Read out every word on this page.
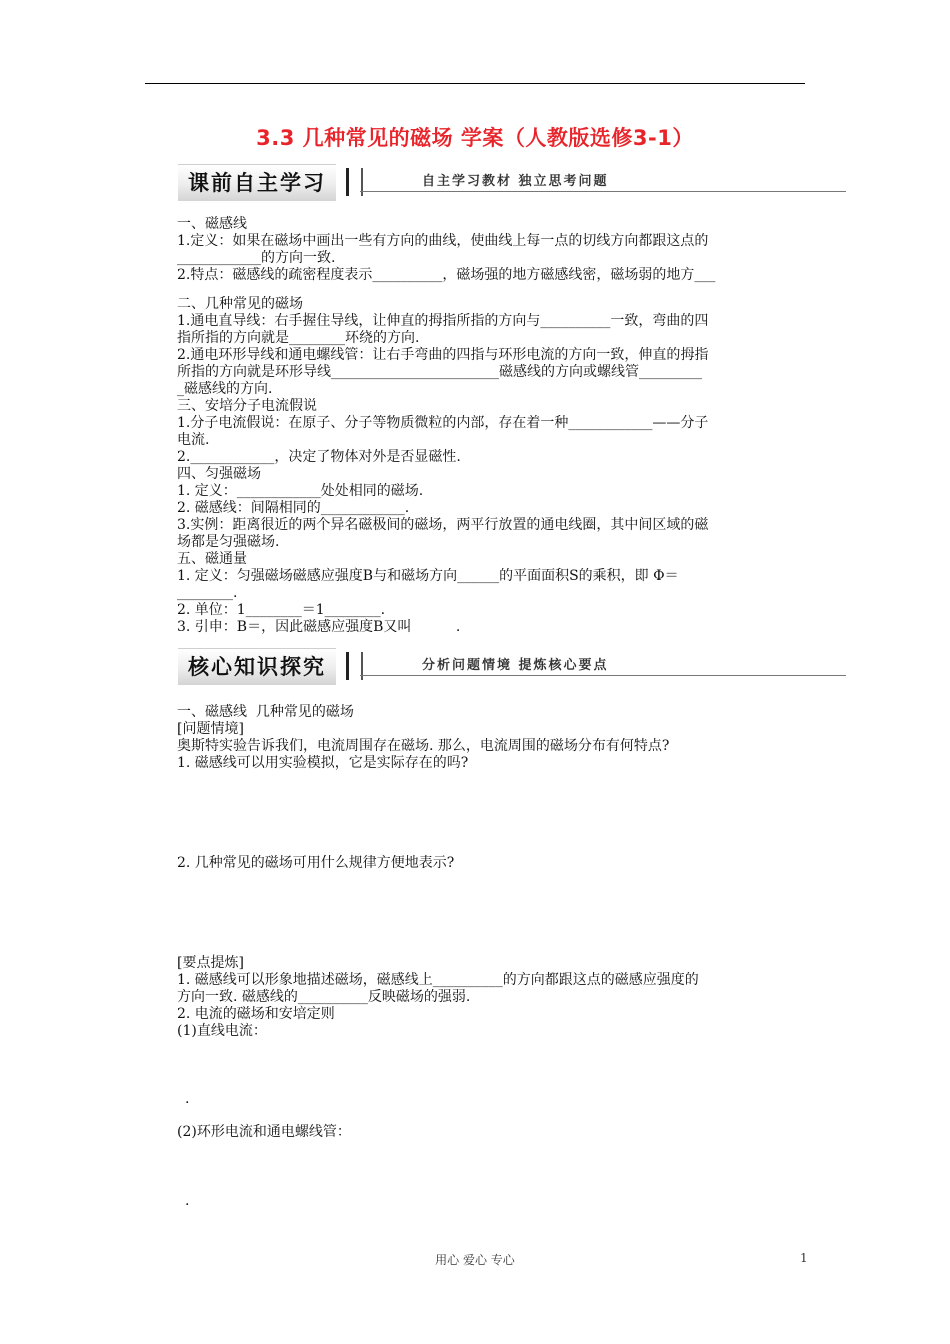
3.3 几种常见的磁场 学案（人教版选修3-1）
课前自主学习	自主学习教材 独立思考问题
一、磁感线
1.定义：如果在磁场中画出一些有方向的曲线，使曲线上每一点的切线方向都跟这点的
____________的方向一致.
2.特点：磁感线的疏密程度表示__________，磁场强的地方磁感线密，磁场弱的地方___
二、几种常见的磁场
1.通电直导线：右手握住导线，让伸直的拇指所指的方向与__________一致，弯曲的四
指所指的方向就是________环绕的方向.
2.通电环形导线和通电螺线管：让右手弯曲的四指与环形电流的方向一致，伸直的拇指
所指的方向就是环形导线________________________磁感线的方向或螺线管_________
_磁感线的方向.
三、安培分子电流假说
1.分子电流假说：在原子、分子等物质微粒的内部，存在着一种____________——分子
电流.
2.____________，决定了物体对外是否显磁性.
四、匀强磁场
1. 定义：____________处处相同的磁场.
2. 磁感线：间隔相同的____________.
3.实例：距离很近的两个异名磁极间的磁场，两平行放置的通电线圈，其中间区域的磁
场都是匀强磁场.
五、磁通量
1. 定义：匀强磁场磁感应强度B与和磁场方向______的平面面积S的乘积，即 Φ＝
________.
2. 单位：1________＝1________.
3. 引申：B＝，因此磁感应强度B又叫          .
核心知识探究	分析问题情境 提炼核心要点
一、磁感线  几种常见的磁场
[问题情境]
奥斯特实验告诉我们，电流周围存在磁场. 那么，电流周围的磁场分布有何特点?
1. 磁感线可以用实验模拟，它是实际存在的吗?
2. 几种常见的磁场可用什么规律方便地表示?
[要点提炼]
1. 磁感线可以形象地描述磁场，磁感线上__________的方向都跟这点的磁感应强度的
方向一致. 磁感线的__________反映磁场的强弱.
2. 电流的磁场和安培定则
(1)直线电流：
.
(2)环形电流和通电螺线管：
.
用心 爱心 专心	1
